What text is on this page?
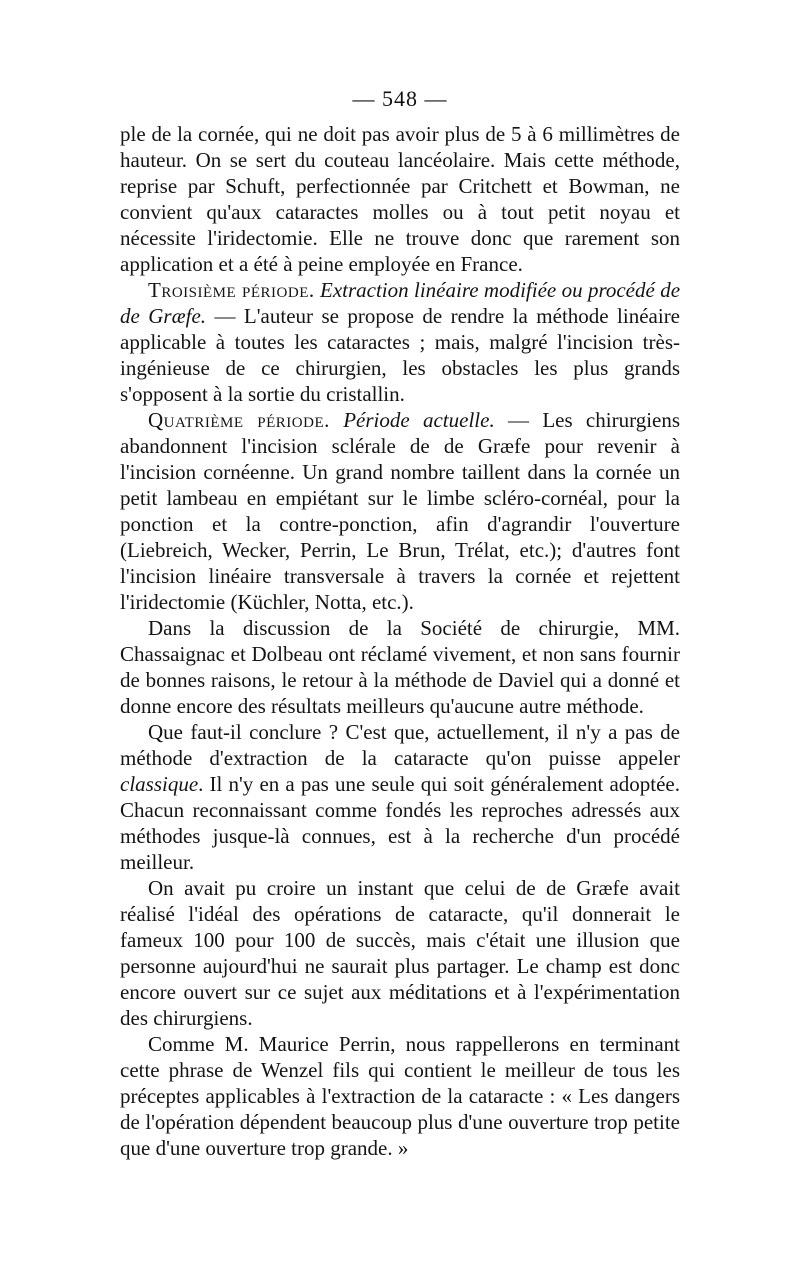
— 548 —

ple de la cornée, qui ne doit pas avoir plus de 5 à 6 millimètres de hauteur. On se sert du couteau lancéolaire. Mais cette méthode, reprise par Schuft, perfectionnée par Critchett et Bowman, ne convient qu'aux cataractes molles ou à tout petit noyau et nécessite l'iridectomie. Elle ne trouve donc que rarement son application et a été à peine employée en France.

Troisième période. Extraction linéaire modifiée ou procédé de de Græfe. — L'auteur se propose de rendre la méthode linéaire applicable à toutes les cataractes ; mais, malgré l'incision très-ingénieuse de ce chirurgien, les obstacles les plus grands s'opposent à la sortie du cristallin.

Quatrième période. Période actuelle. — Les chirurgiens abandonnent l'incision sclérale de de Græfe pour revenir à l'incision cornéenne. Un grand nombre taillent dans la cornée un petit lambeau en empiétant sur le limbe scléro-cornéal, pour la ponction et la contre-ponction, afin d'agrandir l'ouverture (Liebreich, Wecker, Perrin, Le Brun, Trélat, etc.); d'autres font l'incision linéaire transversale à travers la cornée et rejettent l'iridectomie (Küchler, Notta, etc.).

Dans la discussion de la Société de chirurgie, MM. Chassaignac et Dolbeau ont réclamé vivement, et non sans fournir de bonnes raisons, le retour à la méthode de Daviel qui a donné et donne encore des résultats meilleurs qu'aucune autre méthode.

Que faut-il conclure ? C'est que, actuellement, il n'y a pas de méthode d'extraction de la cataracte qu'on puisse appeler classique. Il n'y en a pas une seule qui soit généralement adoptée. Chacun reconnaissant comme fondés les reproches adressés aux méthodes jusque-là connues, est à la recherche d'un procédé meilleur.

On avait pu croire un instant que celui de de Græfe avait réalisé l'idéal des opérations de cataracte, qu'il donnerait le fameux 100 pour 100 de succès, mais c'était une illusion que personne aujourd'hui ne saurait plus partager. Le champ est donc encore ouvert sur ce sujet aux méditations et à l'expérimentation des chirurgiens.

Comme M. Maurice Perrin, nous rappellerons en terminant cette phrase de Wenzel fils qui contient le meilleur de tous les préceptes applicables à l'extraction de la cataracte : « Les dangers de l'opération dépendent beaucoup plus d'une ouverture trop petite que d'une ouverture trop grande. »
